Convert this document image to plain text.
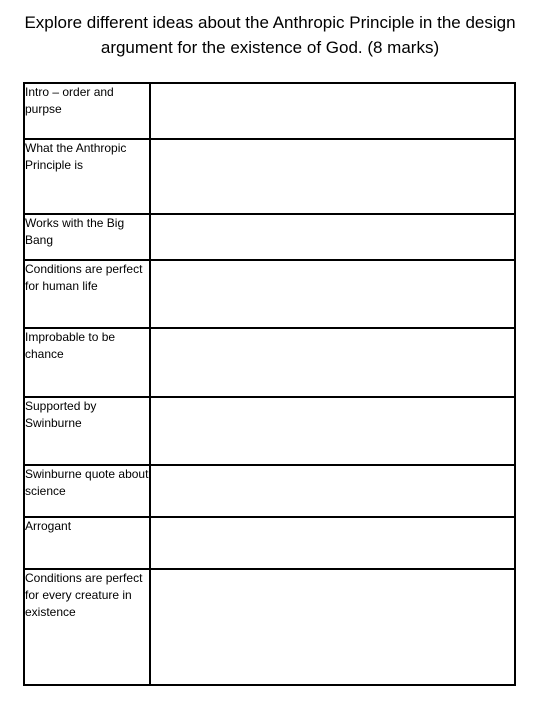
Explore different ideas about the Anthropic Principle in the design argument for the existence of God. (8 marks)
Intro – order and purpse	
What the Anthropic Principle is	
Works with the Big Bang	
Conditions are perfect for human life	
Improbable to be chance	
Supported by Swinburne	
Swinburne quote about science	
Arrogant	
Conditions are perfect for every creature in existence	
